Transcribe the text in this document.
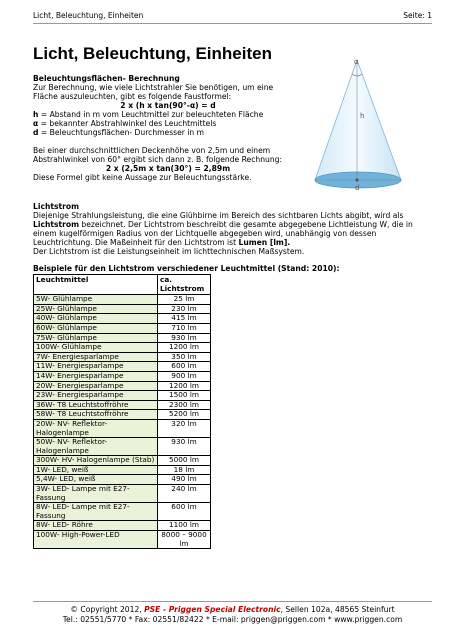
Licht, Beleuchtung, Einheiten	Seite: 1
Licht, Beleuchtung, Einheiten

Beleuchtungsflächen- Berechnung

Zur Berechnung, wie viele Lichtstrahler Sie benötigen, um eine

Fläche auszuleuchten, gibt es folgende Faustformel:

2 x (h x tan(90°-α) = d

h = Abstand in m vom Leuchtmittel zur beleuchteten Fläche

α = bekannter Abstrahlwinkel des Leuchtmittels

d = Beleuchtungsflächen- Durchmesser in m

Bei einer durchschnittlichen Deckenhöhe von 2,5m und einem

Abstrahlwinkel von 60° ergibt sich dann z. B. folgende Rechnung:

2 x (2,5m x tan(30°) = 2,89m

Diese Formel gibt keine Aussage zur Beleuchtungsstärke.

α
h
d

Lichtstrom

Diejenige Strahlungsleistung, die eine Glühbirne im Bereich des sichtbaren Lichts abgibt, wird als

Lichtstrom bezeichnet. Der Lichtstrom beschreibt die gesamte abgegebene Lichtleistung W, die in

einem kugelförmigen Radius von der Lichtquelle abgegeben wird, unabhängig von dessen

Leuchtrichtung. Die Maßeinheit für den Lichtstrom ist Lumen [lm].

Der Lichtstrom ist die Leistungseinheit im lichttechnischen Maßsystem.

Beispiele für den Lichtstrom verschiedener Leuchtmittel (Stand: 2010):
Leuchtmittel	ca.
Lichtstrom
5W- Glühlampe	25 lm
25W- Glühlampe	230 lm
40W- Glühlampe	415 lm
60W- Glühlampe	710 lm
75W- Glühlampe	930 lm
100W- Glühlampe	1200 lm
7W- Energiesparlampe	350 lm
11W- Energiesparlampe	600 lm
14W- Energiesparlampe	900 lm
20W- Energiesparlampe	1200 lm
23W- Energiesparlampe	1500 lm
36W- T8 Leuchtstoffröhre	2300 lm
58W- T8 Leuchtstoffröhre	5200 lm
20W- NV- Reflektor-Halogenlampe	320 lm
50W- NV- Reflektor-Halogenlampe	930 lm
300W- HV- Halogenlampe (Stab)	5000 lm
1W- LED, weiß	18 lm
5,4W- LED, weiß	490 lm
3W- LED- Lampe mit E27-Fassung	240 lm
8W- LED- Lampe mit E27-Fassung	600 lm
8W- LED- Röhre	1100 lm
100W- High-Power-LED	8000 – 9000 lm
© Copyright 2012, PSE - Priggen Special Electronic, Sellen 102a, 48565 Steinfurt
Tel.: 02551/5770 * Fax: 02551/82422 * E-mail: priggen@priggen.com * www.priggen.com
